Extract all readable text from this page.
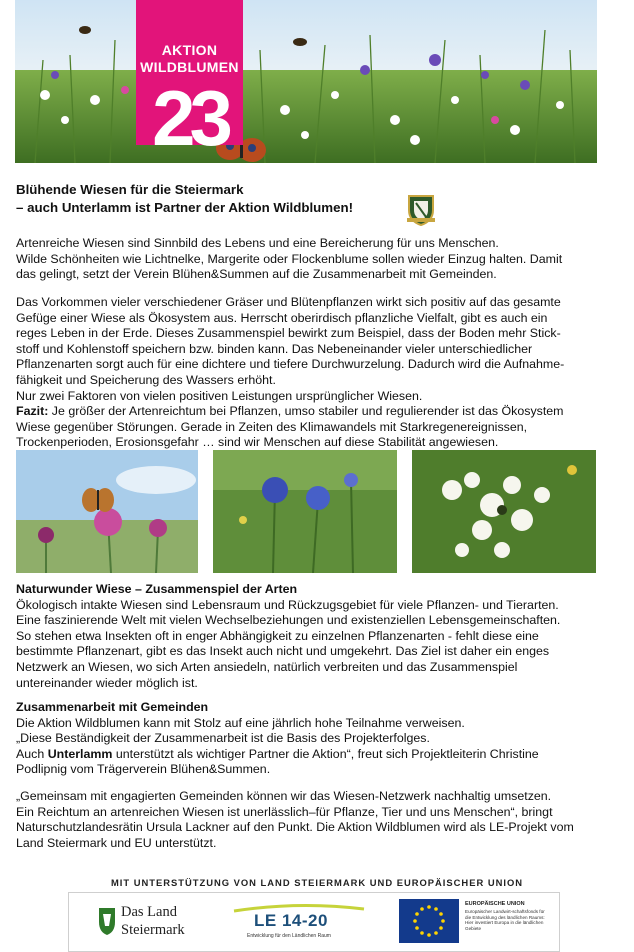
AKTION
WILDBLUMEN
23
Blühende Wiesen für die Steiermark
– auch Unterlamm ist Partner der Aktion Wildblumen!

Artenreiche Wiesen sind Sinnbild des Lebens und eine Bereicherung für uns Menschen.

Wilde Schönheiten wie Lichtnelke, Margerite oder Flockenblume sollen wieder Einzug halten. Damit

das gelingt, setzt der Verein Blühen&Summen auf die Zusammenarbeit mit Gemeinden.

Das Vorkommen vieler verschiedener Gräser und Blütenpflanzen wirkt sich positiv auf das gesamte

Gefüge einer Wiese als Ökosystem aus. Herrscht oberirdisch pflanzliche Vielfalt, gibt es auch ein

reges Leben in der Erde. Dieses Zusammenspiel bewirkt zum Beispiel, dass der Boden mehr Stick-

stoff und Kohlenstoff speichern bzw. binden kann. Das Nebeneinander vieler unterschiedlicher

Pflanzenarten sorgt auch für eine dichtere und tiefere Durchwurzelung. Dadurch wird die Aufnahme-

fähigkeit und Speicherung des Wassers erhöht.

Nur zwei Faktoren von vielen positiven Leistungen ursprünglicher Wiesen.

Fazit: Je größer der Artenreichtum bei Pflanzen, umso stabiler und regulierender ist das Ökosystem

Wiese gegenüber Störungen. Gerade in Zeiten des Klimawandels mit Starkregenereignissen,

Trockenperioden, Erosionsgefahr … sind wir Menschen auf diese Stabilität angewiesen.

Naturwunder Wiese – Zusammenspiel der Arten

Ökologisch intakte Wiesen sind Lebensraum und Rückzugsgebiet für viele Pflanzen- und Tierarten.

Eine faszinierende Welt mit vielen Wechselbeziehungen und existenziellen Lebensgemeinschaften.

So stehen etwa Insekten oft in enger Abhängigkeit zu einzelnen Pflanzenarten - fehlt diese eine

bestimmte Pflanzenart, gibt es das Insekt auch nicht und umgekehrt. Das Ziel ist daher ein enges

Netzwerk an Wiesen, wo sich Arten ansiedeln, natürlich verbreiten und das Zusammenspiel

untereinander wieder möglich ist.

Zusammenarbeit mit Gemeinden

Die Aktion Wildblumen kann mit Stolz auf eine jährlich hohe Teilnahme verweisen.

„Diese Beständigkeit der Zusammenarbeit ist die Basis des Projekterfolges.

Auch Unterlamm unterstützt als wichtiger Partner die Aktion“, freut sich Projektleiterin Christine

Podlipnig vom Trägerverein Blühen&Summen.

„Gemeinsam mit engagierten Gemeinden können wir das Wiesen-Netzwerk nachhaltig umsetzen.

Ein Reichtum an artenreichen Wiesen ist unerlässlich–für Pflanze, Tier und uns Menschen“, bringt

Naturschutzlandesrätin Ursula Lackner auf den Punkt. Die Aktion Wildblumen wird als LE-Projekt vom

Land Steiermark und EU unterstützt.

MIT UNTERSTÜTZUNG VON LAND STEIERMARK UND EUROPÄISCHER UNION
Das Land
Steiermark	LE 14-20
Entwicklung für den Ländlichen Raum
EUROPÄISCHE UNION
Europäischer Landwirt-schaftsfonds für die Entwicklung des ländlichen Raums: Hier investiert Europa in die ländlichen Gebiete
